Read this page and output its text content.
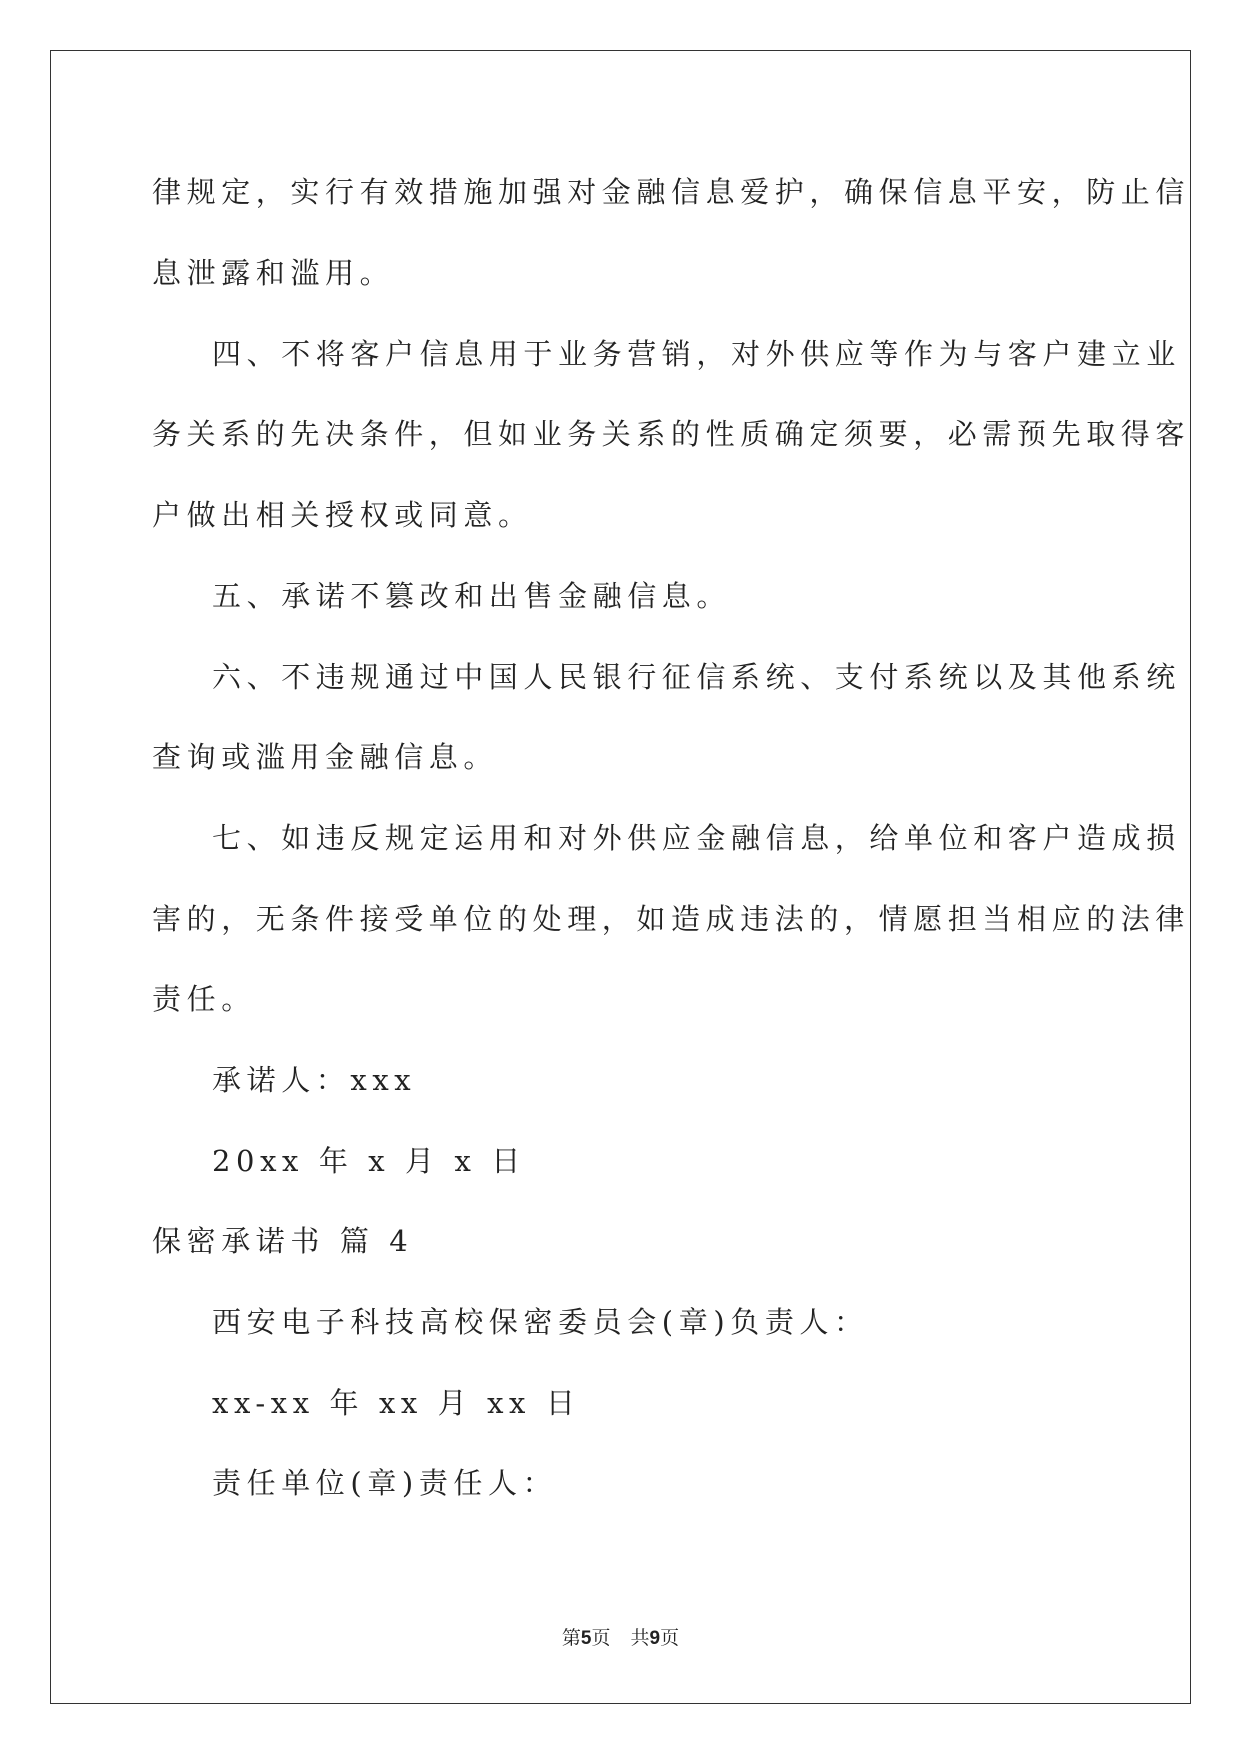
律规定，实行有效措施加强对金融信息爱护，确保信息平安，防止信
息泄露和滥用。
四、不将客户信息用于业务营销，对外供应等作为与客户建立业
务关系的先决条件，但如业务关系的性质确定须要，必需预先取得客
户做出相关授权或同意。
五、承诺不篡改和出售金融信息。
六、不违规通过中国人民银行征信系统、支付系统以及其他系统
查询或滥用金融信息。
七、如违反规定运用和对外供应金融信息，给单位和客户造成损
害的，无条件接受单位的处理，如造成违法的，情愿担当相应的法律
责任。
承诺人：xxx
20xx 年 x 月 x 日
保密承诺书 篇 4
西安电子科技高校保密委员会(章)负责人：
xx-xx 年 xx 月 xx 日
责任单位(章)责任人：
第5页 共9页
